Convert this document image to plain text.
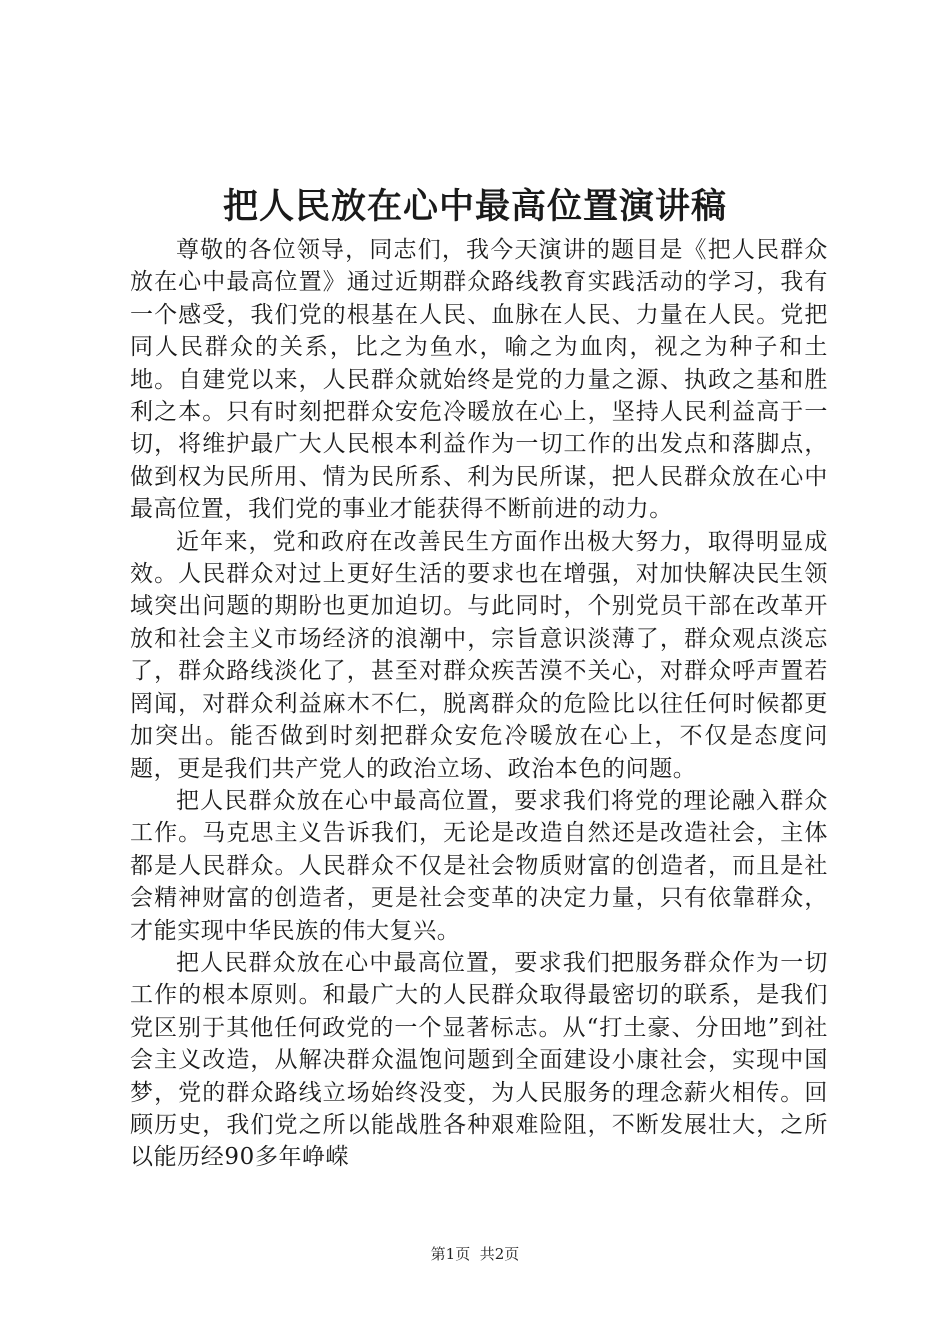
把人民放在心中最高位置演讲稿

尊敬的各位领导，同志们，我今天演讲的题目是《把人民群众放在心中最高位置》通过近期群众路线教育实践活动的学习，我有一个感受，我们党的根基在人民、血脉在人民、力量在人民。党把同人民群众的关系，比之为鱼水，喻之为血肉，视之为种子和土地。自建党以来，人民群众就始终是党的力量之源、执政之基和胜利之本。只有时刻把群众安危冷暖放在心上，坚持人民利益高于一切，将维护最广大人民根本利益作为一切工作的出发点和落脚点，做到权为民所用、情为民所系、利为民所谋，把人民群众放在心中最高位置，我们党的事业才能获得不断前进的动力。

近年来，党和政府在改善民生方面作出极大努力，取得明显成效。人民群众对过上更好生活的要求也在增强，对加快解决民生领域突出问题的期盼也更加迫切。与此同时，个别党员干部在改革开放和社会主义市场经济的浪潮中，宗旨意识淡薄了，群众观点淡忘了，群众路线淡化了，甚至对群众疾苦漠不关心，对群众呼声置若罔闻，对群众利益麻木不仁，脱离群众的危险比以往任何时候都更加突出。能否做到时刻把群众安危冷暖放在心上，不仅是态度问题，更是我们共产党人的政治立场、政治本色的问题。

把人民群众放在心中最高位置，要求我们将党的理论融入群众工作。马克思主义告诉我们，无论是改造自然还是改造社会，主体都是人民群众。人民群众不仅是社会物质财富的创造者，而且是社会精神财富的创造者，更是社会变革的决定力量，只有依靠群众，才能实现中华民族的伟大复兴。

把人民群众放在心中最高位置，要求我们把服务群众作为一切工作的根本原则。和最广大的人民群众取得最密切的联系，是我们党区别于其他任何政党的一个显著标志。从“打土豪、分田地”到社会主义改造，从解决群众温饱问题到全面建设小康社会，实现中国梦，党的群众路线立场始终没变，为人民服务的理念薪火相传。回顾历史，我们党之所以能战胜各种艰难险阻，不断发展壮大，之所以能历经90多年峥嵘

第1页 共2页
